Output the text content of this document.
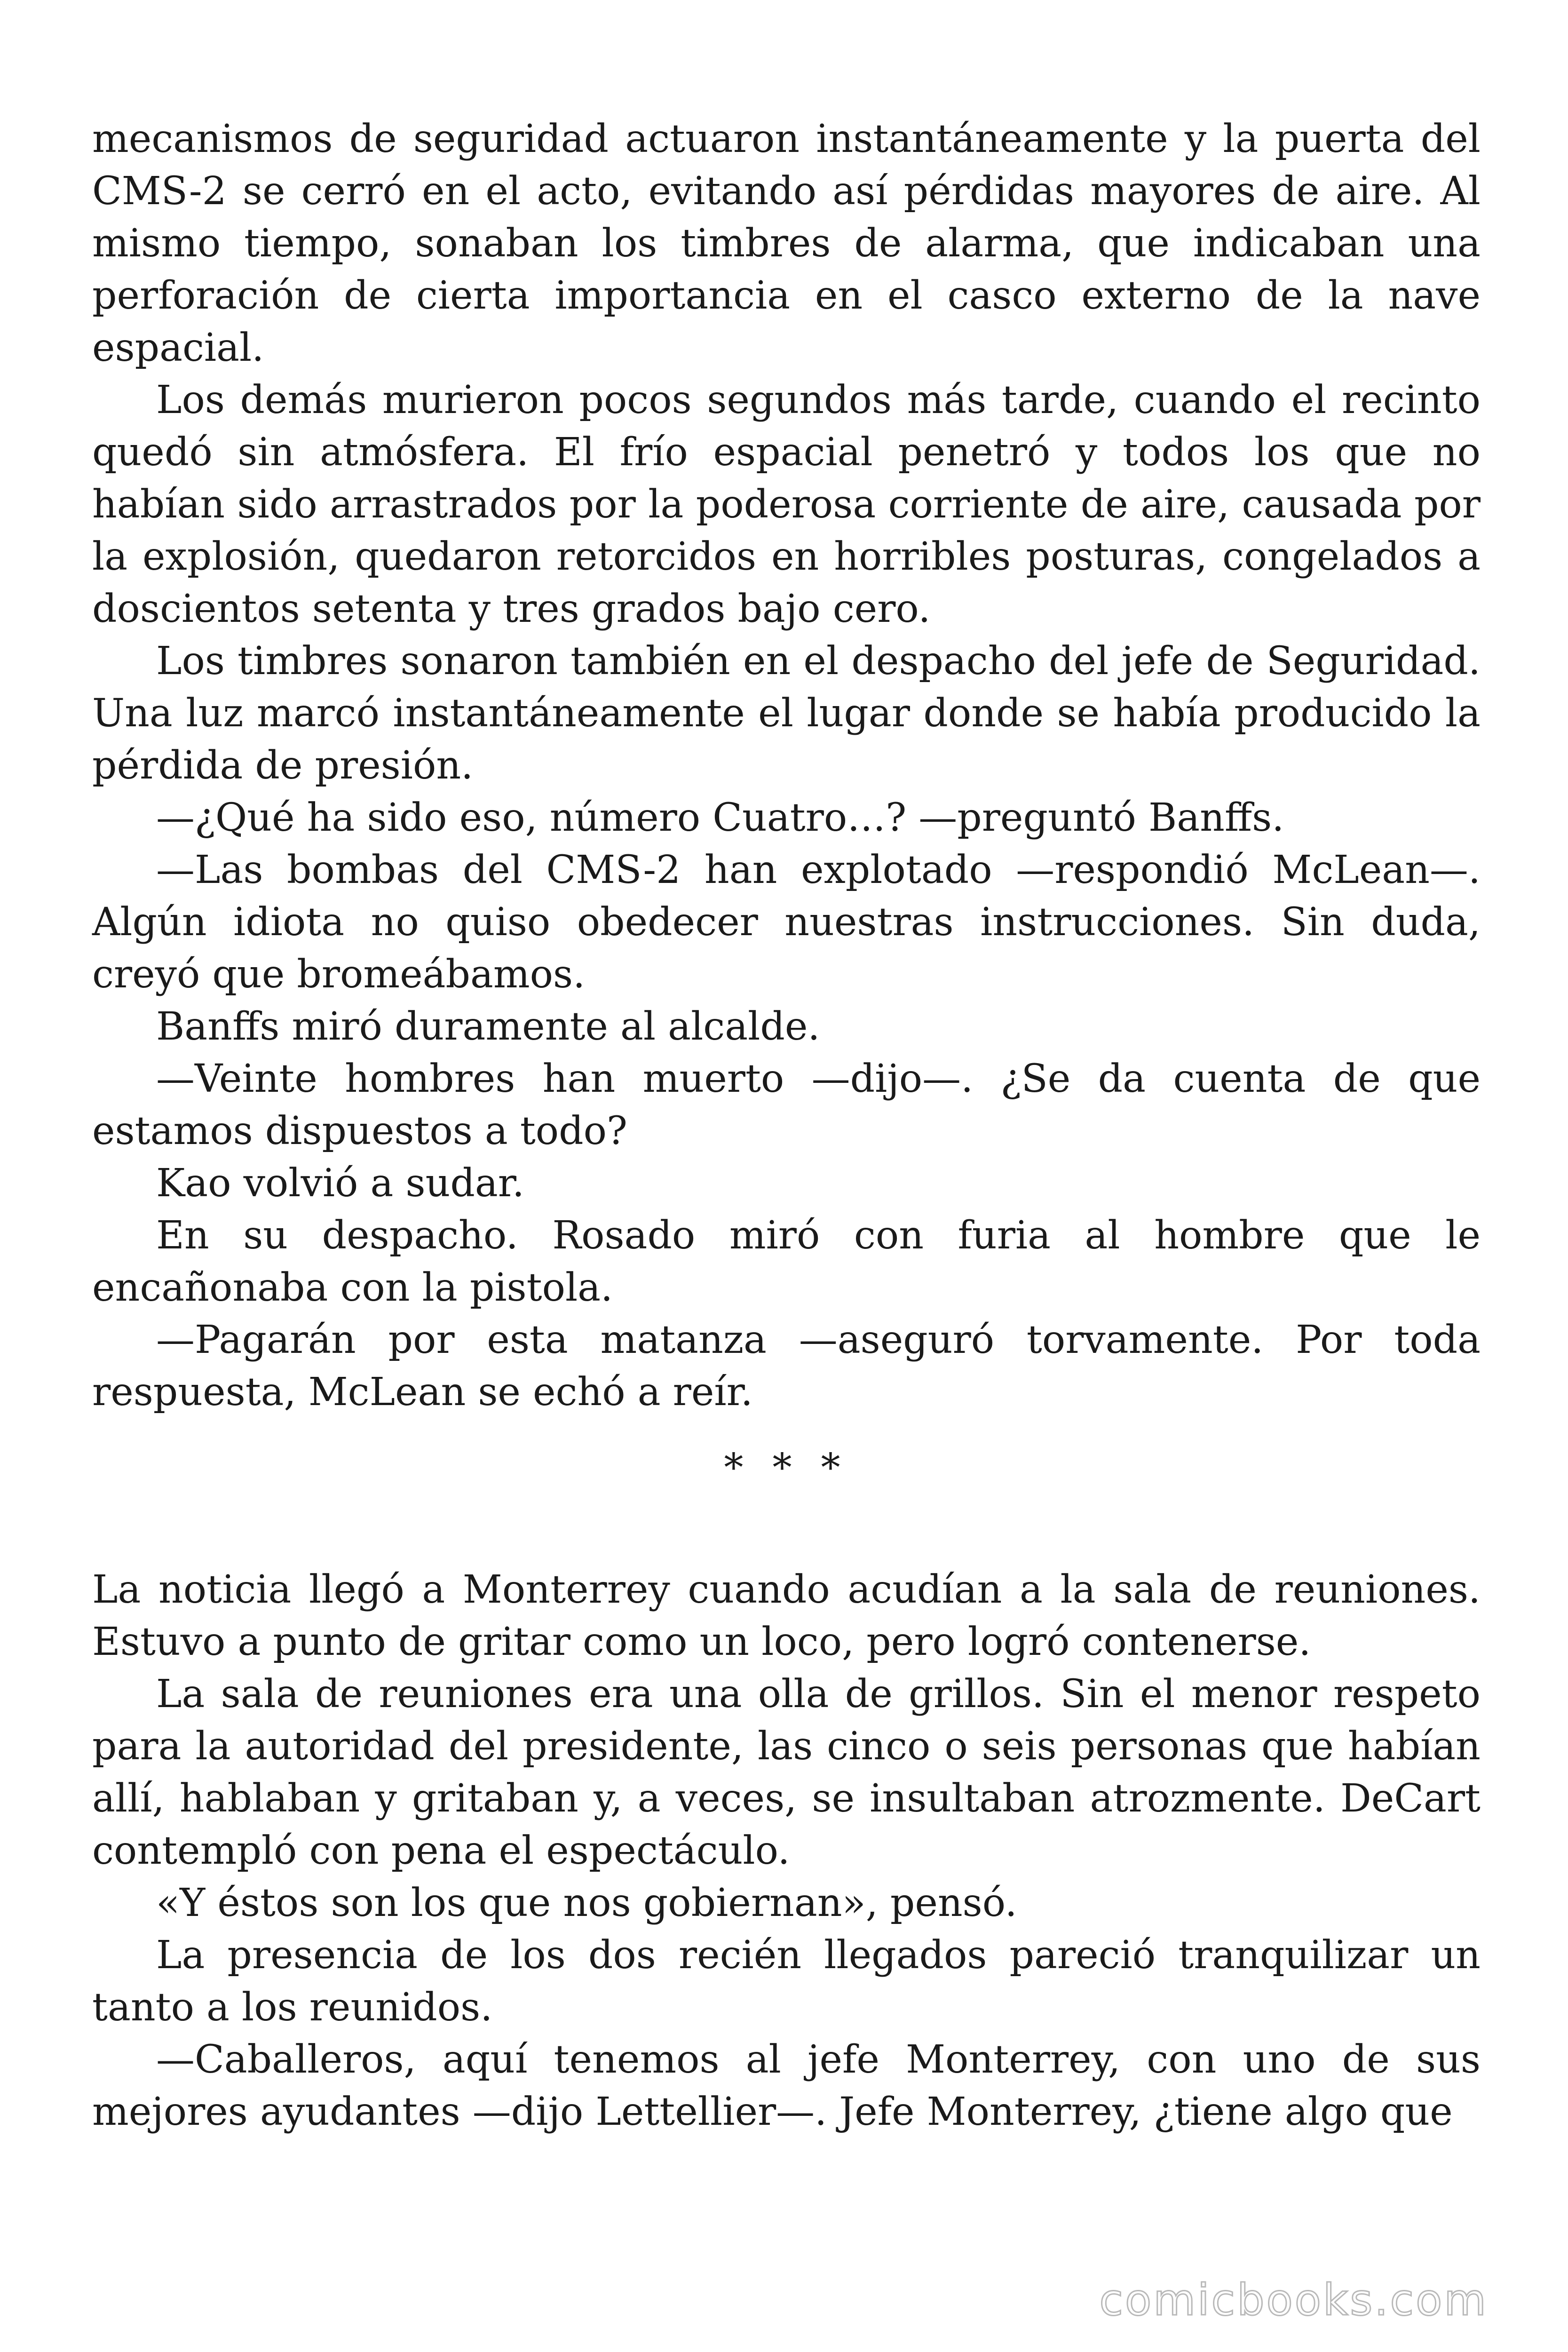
mecanismos de seguridad actuaron instantáneamente y la puerta del CMS-2 se cerró en el acto, evitando así pérdidas mayores de aire. Al mismo tiempo, sonaban los timbres de alarma, que indicaban una perforación de cierta importancia en el casco externo de la nave espacial.

Los demás murieron pocos segundos más tarde, cuando el recinto quedó sin atmósfera. El frío espacial penetró y todos los que no habían sido arrastrados por la poderosa corriente de aire, causada por la explosión, quedaron retorcidos en horribles posturas, congelados a doscientos setenta y tres grados bajo cero.

Los timbres sonaron también en el despacho del jefe de Seguridad. Una luz marcó instantáneamente el lugar donde se había producido la pérdida de presión.

—¿Qué ha sido eso, número Cuatro…? —preguntó Banffs.

—Las bombas del CMS-2 han explotado —respondió McLean—. Algún idiota no quiso obedecer nuestras instrucciones. Sin duda, creyó que bromeábamos.

Banffs miró duramente al alcalde.

—Veinte hombres han muerto —dijo—. ¿Se da cuenta de que estamos dispuestos a todo?

Kao volvió a sudar.

En su despacho. Rosado miró con furia al hombre que le encañonaba con la pistola.

—Pagarán por esta matanza —aseguró torvamente. Por toda respuesta, McLean se echó a reír.

* * *

La noticia llegó a Monterrey cuando acudían a la sala de reuniones. Estuvo a punto de gritar como un loco, pero logró contenerse.

La sala de reuniones era una olla de grillos. Sin el menor respeto para la autoridad del presidente, las cinco o seis personas que habían allí, hablaban y gritaban y, a veces, se insultaban atrozmente. DeCart contempló con pena el espectáculo.

«Y éstos son los que nos gobiernan», pensó.

La presencia de los dos recién llegados pareció tranquilizar un tanto a los reunidos.

—Caballeros, aquí tenemos al jefe Monterrey, con uno de sus mejores ayudantes —dijo Lettellier—. Jefe Monterrey, ¿tiene algo que

comicbooks.com
